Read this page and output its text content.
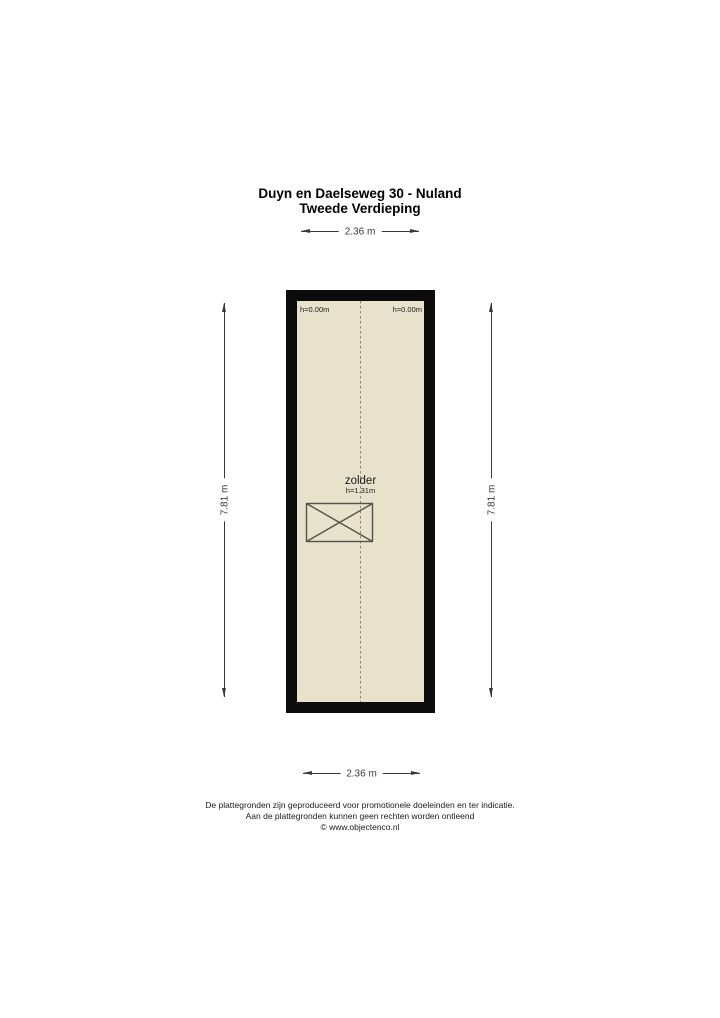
Duyn en Daelseweg 30 - Nuland
Tweede Verdieping
2.36 m
7.81 m	7.81 m
h=0.00m	h=0.00m
zolder
h=1.31m
2.36 m
De plattegronden zijn geproduceerd voor promotionele doeleinden en ter indicatie.
Aan de plattegronden kunnen geen rechten worden ontleend
© www.objectenco.nl
